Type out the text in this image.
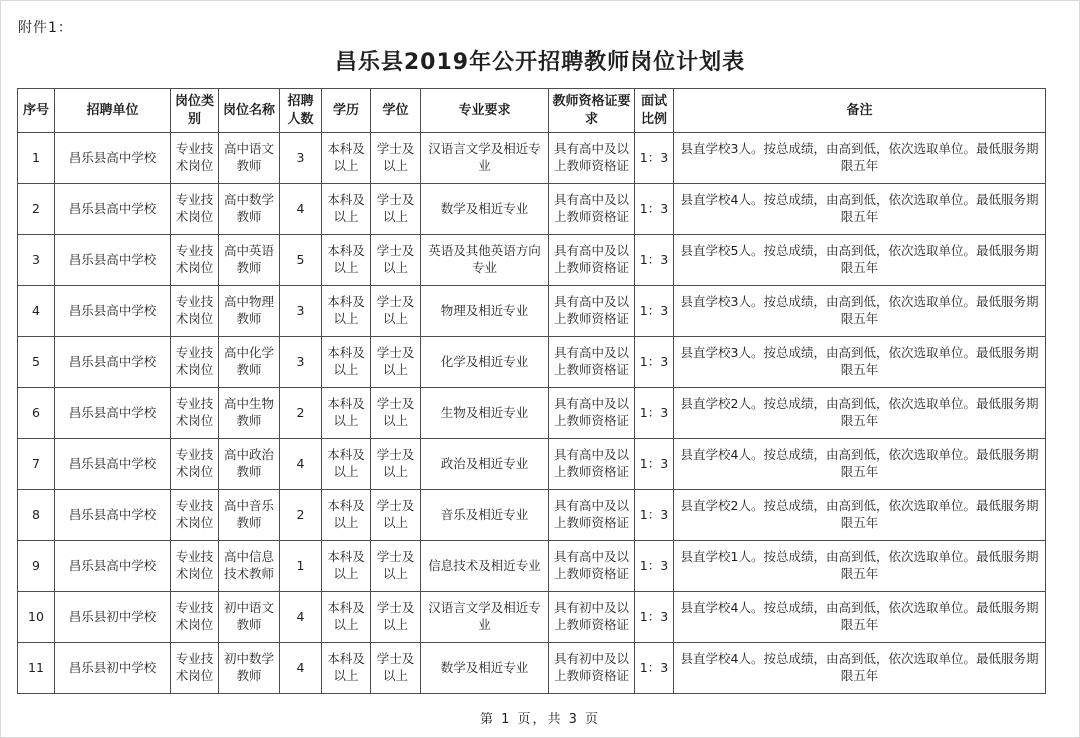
附件1：
昌乐县2019年公开招聘教师岗位计划表
序号	招聘单位	岗位类别	岗位名称	招聘人数	学历	学位	专业要求	教师资格证要求	面试比例	备注
1	昌乐县高中学校	专业技术岗位	高中语文教师	3	本科及以上	学士及以上	汉语言文学及相近专业	具有高中及以上教师资格证	1：3	县直学校3人。按总成绩，由高到低，依次选取单位。最低服务期限五年
2	昌乐县高中学校	专业技术岗位	高中数学教师	4	本科及以上	学士及以上	数学及相近专业	具有高中及以上教师资格证	1：3	县直学校4人。按总成绩，由高到低，依次选取单位。最低服务期限五年
3	昌乐县高中学校	专业技术岗位	高中英语教师	5	本科及以上	学士及以上	英语及其他英语方向专业	具有高中及以上教师资格证	1：3	县直学校5人。按总成绩，由高到低，依次选取单位。最低服务期限五年
4	昌乐县高中学校	专业技术岗位	高中物理教师	3	本科及以上	学士及以上	物理及相近专业	具有高中及以上教师资格证	1：3	县直学校3人。按总成绩，由高到低，依次选取单位。最低服务期限五年
5	昌乐县高中学校	专业技术岗位	高中化学教师	3	本科及以上	学士及以上	化学及相近专业	具有高中及以上教师资格证	1：3	县直学校3人。按总成绩，由高到低，依次选取单位。最低服务期限五年
6	昌乐县高中学校	专业技术岗位	高中生物教师	2	本科及以上	学士及以上	生物及相近专业	具有高中及以上教师资格证	1：3	县直学校2人。按总成绩，由高到低，依次选取单位。最低服务期限五年
7	昌乐县高中学校	专业技术岗位	高中政治教师	4	本科及以上	学士及以上	政治及相近专业	具有高中及以上教师资格证	1：3	县直学校4人。按总成绩，由高到低，依次选取单位。最低服务期限五年
8	昌乐县高中学校	专业技术岗位	高中音乐教师	2	本科及以上	学士及以上	音乐及相近专业	具有高中及以上教师资格证	1：3	县直学校2人。按总成绩，由高到低，依次选取单位。最低服务期限五年
9	昌乐县高中学校	专业技术岗位	高中信息技术教师	1	本科及以上	学士及以上	信息技术及相近专业	具有高中及以上教师资格证	1：3	县直学校1人。按总成绩，由高到低，依次选取单位。最低服务期限五年
10	昌乐县初中学校	专业技术岗位	初中语文教师	4	本科及以上	学士及以上	汉语言文学及相近专业	具有初中及以上教师资格证	1：3	县直学校4人。按总成绩，由高到低，依次选取单位。最低服务期限五年
11	昌乐县初中学校	专业技术岗位	初中数学教师	4	本科及以上	学士及以上	数学及相近专业	具有初中及以上教师资格证	1：3	县直学校4人。按总成绩，由高到低，依次选取单位。最低服务期限五年
第 1 页，共 3 页
